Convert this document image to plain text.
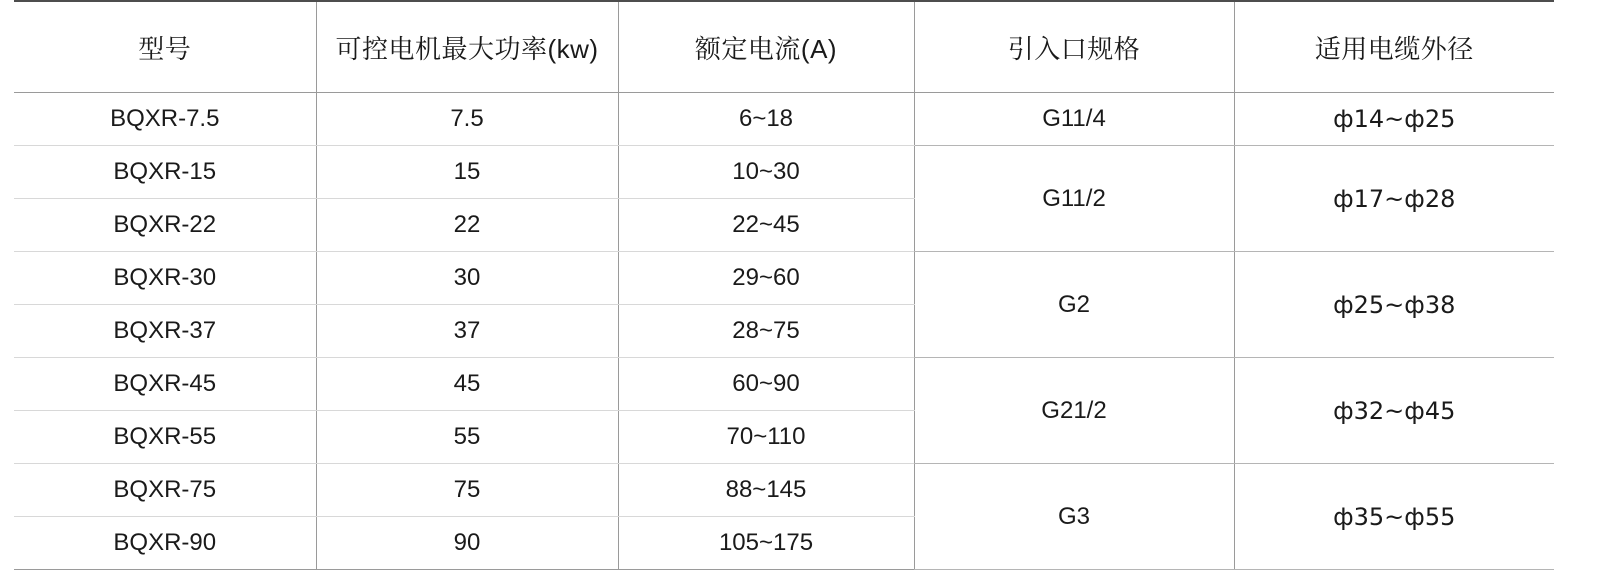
型号	可控电机最大功率(kw)	额定电流(A)	引入口规格	适用电缆外径
BQXR-7.5	7.5	6~18	G11/4	ф14~ф25
BQXR-15	15	10~30	G11/2	ф17~ф28
BQXR-22	22	22~45		
BQXR-30	30	29~60	G2	ф25~ф38
BQXR-37	37	28~75		
BQXR-45	45	60~90	G21/2	ф32~ф45
BQXR-55	55	70~110		
BQXR-75	75	88~145	G3	ф35~ф55
BQXR-90	90	105~175		
